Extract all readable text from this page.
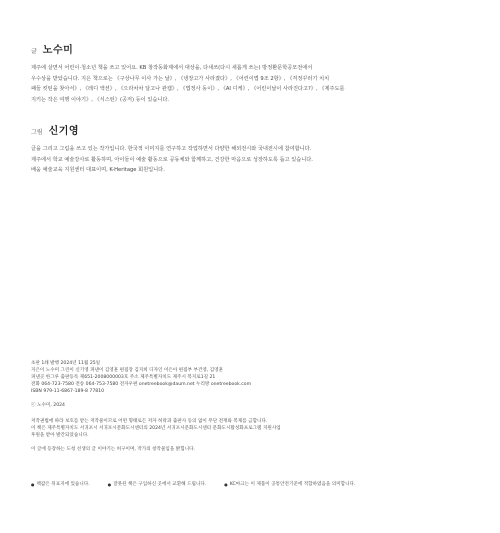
글 노수미

제주에 살면서 어린이·청소년 책을 쓰고 있어요. KB 창작동화제에서 대상을, 다새쓰(다시 새롭게 쓰는) 방정환문학공모전에서

우수상을 받았습니다. 지은 책으로는 《구상나무 이사 가는 날》, 《냉장고가 사라졌다》, 《어린이법 9조 2항》, 《걱정꾸러기 치치

패들 킷틴을 찾아서》, 《레디 액션》, 《으라차차 달고나 관캡》, 《법정사 동이》, 《AI 디케》, 《어린이날이 사라진다고?》, 《제주도를

지키는 작은 여행 이야기》, 《식스틴》(공저) 등이 있습니다.

그림 신기영

글을 그리고 그림을 쓰고 있는 작가입니다. 한국적 이미지를 연구하고 작업하면서 다양한 해외전시와 국내전시에 참여합니다.

제주에서 학교 예술강사로 활동하며, 아이들이 예술 활동으로 공동체와 함께하고, 건강한 마음으로 성장하도록 돕고 있습니다.

배움 예술교육 지원센터 대표이며, K-Heritage 회원입니다.

초판 1쇄 발행 2024년 11월 25일

지은이 노수미 그린이 신기영 펴낸이 김영훈 편집장 김지희 디자인 이은아 편집부 부건영, 김영훈

펴낸곳 한그루 출판등록 제651-2008000003호 주소 제주특별자치도 제주시 복지로1길 21

전화 064-723-7580 전송 064-753-7580 전자우편 onetreebook@daum.net 누리방 onetreebook.com

ISBN 979-11-6867-189-8 77810

ⓒ 노수미, 2024

저작권법에 따라 보호를 받는 저작물이므로 어떤 형태로든 저자 허락과 출판사 동의 없이 무단 전재와 복제를 금합니다.

이 책은 제주특별자치도 서귀포시 서귀포시문화도시센터의 2024년 서귀포시문화도시센터 문화도시활성화프로그램 지원사업

후원을 받아 발간되었습니다.

이 글에 등장하는 도청 선생의 글 이야기는 허구이며, 작가의 창작물임을 밝힙니다.

● 책값은 뒤표지에 있습니다.	● 잘못된 책은 구입하신 곳에서 교환해 드립니다.	● KC마크는 이 제품이 공통안전기준에 적합하였음을 의미합니다.
